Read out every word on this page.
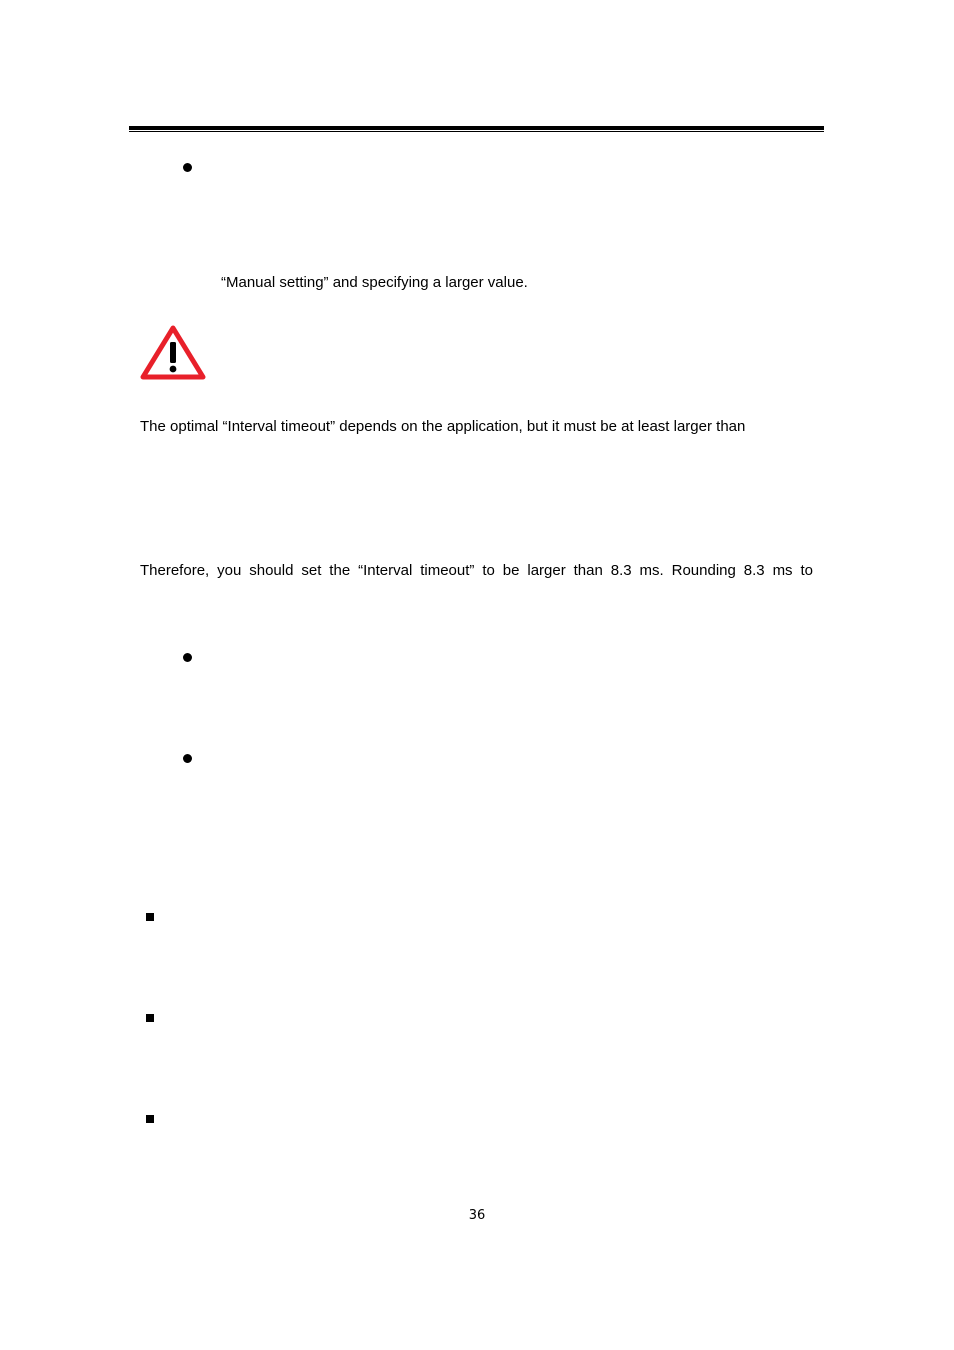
“Manual setting” and specifying a larger value.
The optimal “Interval timeout” depends on the application, but it must be at least larger than
Therefore, you should set the “Interval timeout” to be larger than 8.3 ms. Rounding 8.3 ms to
36
